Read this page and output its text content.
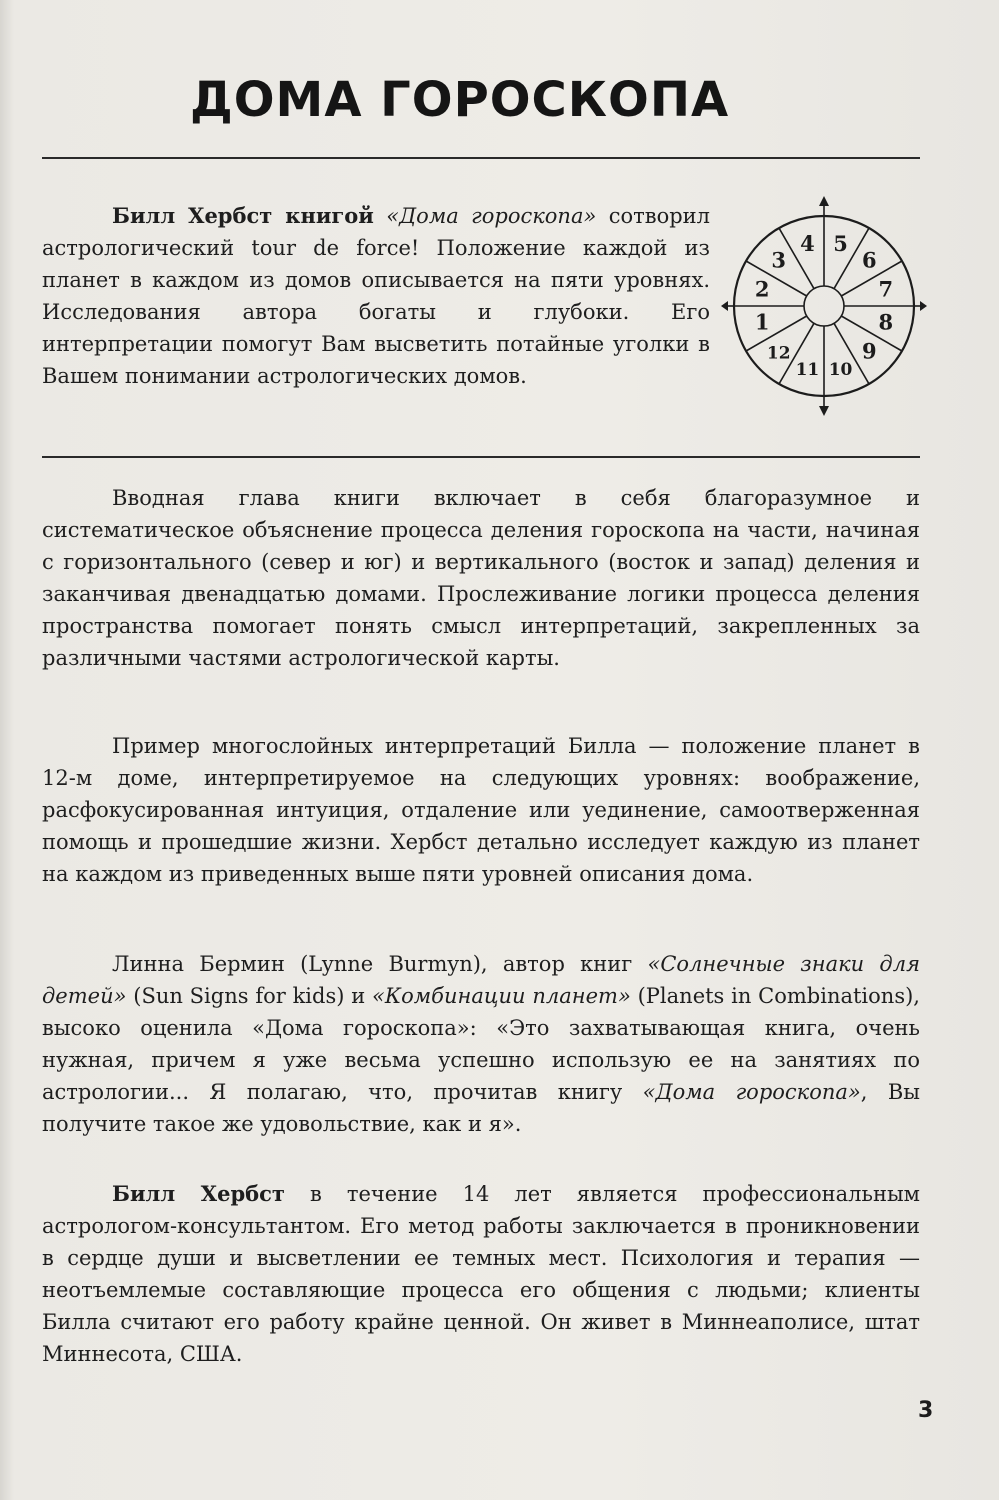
ДОМА ГОРОСКОПА

Билл Хербст книгой «Дома гороскопа» сотворил астрологический tour de force! Положение каждой из планет в каждом из домов описывается на пяти уровнях. Исследования автора богаты и глубоки. Его интерпретации помогут Вам высветить потайные уголки в Вашем понимании астрологических домов.

1
2
3
4 5
6
7
8
9
10
11
12

Вводная глава книги включает в себя благоразумное и систематическое объяснение процесса деления гороскопа на части, начиная с горизонтального (север и юг) и вертикального (восток и запад) деления и заканчивая двенадцатью домами. Прослеживание логики процесса деления пространства помогает понять смысл интерпретаций, закрепленных за различными частями астрологической карты.

Пример многослойных интерпретаций Билла — положение планет в 12-м доме, интерпретируемое на следующих уровнях: воображение, расфокусированная интуиция, отдаление или уединение, самоотверженная помощь и прошедшие жизни. Хербст детально исследует каждую из планет на каждом из приведенных выше пяти уровней описания дома.

Линна Бермин (Lynne Burmyn), автор книг «Солнечные знаки для детей» (Sun Signs for kids) и «Комбинации планет» (Planets in Combinations), высоко оценила «Дома гороскопа»: «Это захватывающая книга, очень нужная, причем я уже весьма успешно использую ее на занятиях по астрологии... Я полагаю, что, прочитав книгу «Дома гороскопа», Вы получите такое же удовольствие, как и я».

Билл Хербст в течение 14 лет является профессиональным астрологом-консультантом. Его метод работы заключается в проникновении в сердце души и высветлении ее темных мест. Психология и терапия — неотъемлемые составляющие процесса его общения с людьми; клиенты Билла считают его работу крайне ценной. Он живет в Миннеаполисе, штат Миннесота, США.

3
